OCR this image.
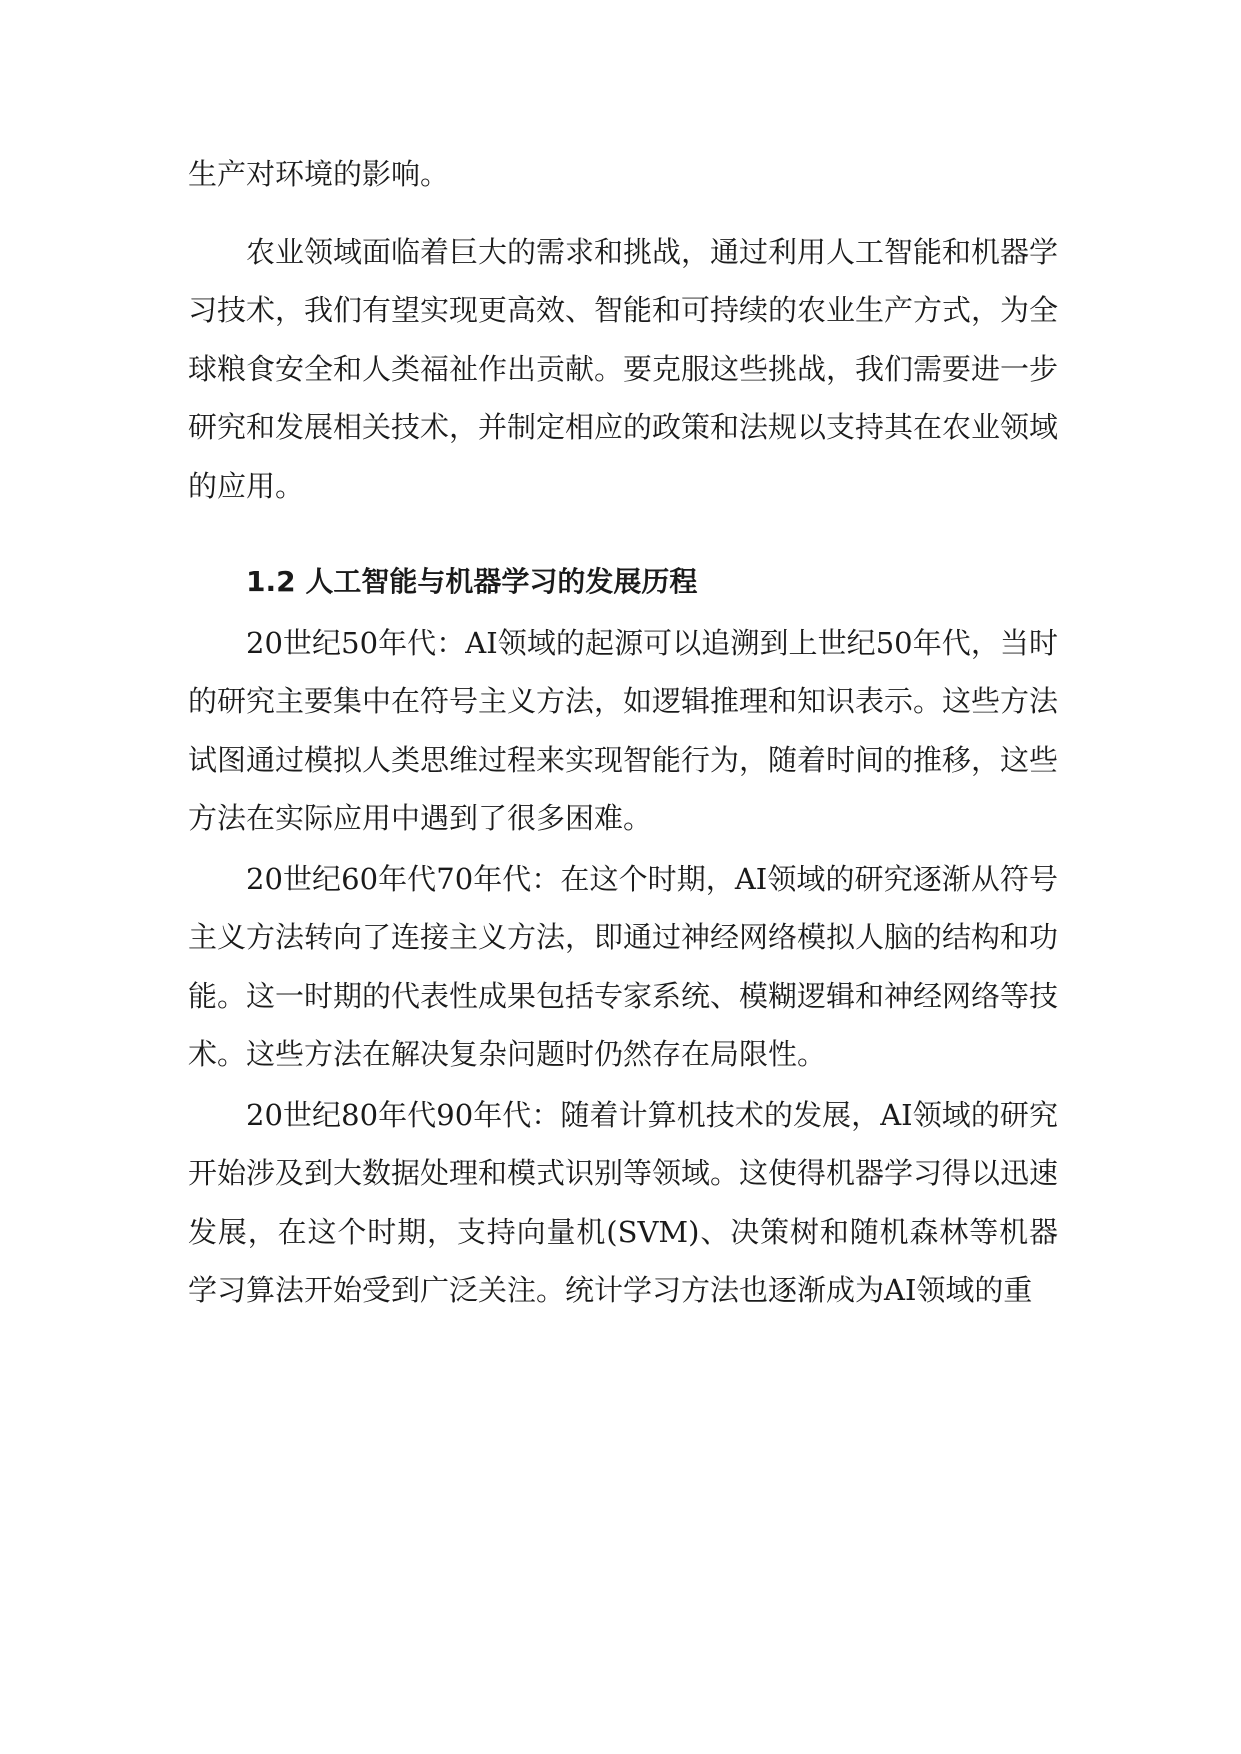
生产对环境的影响。

农业领域面临着巨大的需求和挑战，通过利用人工智能和机器学习技术，我们有望实现更高效、智能和可持续的农业生产方式，为全球粮食安全和人类福祉作出贡献。要克服这些挑战，我们需要进一步研究和发展相关技术，并制定相应的政策和法规以支持其在农业领域的应用。

1.2 人工智能与机器学习的发展历程

20世纪50年代：AI领域的起源可以追溯到上世纪50年代，当时的研究主要集中在符号主义方法，如逻辑推理和知识表示。这些方法试图通过模拟人类思维过程来实现智能行为，随着时间的推移，这些方法在实际应用中遇到了很多困难。

20世纪60年代70年代：在这个时期，AI领域的研究逐渐从符号主义方法转向了连接主义方法，即通过神经网络模拟人脑的结构和功能。这一时期的代表性成果包括专家系统、模糊逻辑和神经网络等技术。这些方法在解决复杂问题时仍然存在局限性。

20世纪80年代90年代：随着计算机技术的发展，AI领域的研究开始涉及到大数据处理和模式识别等领域。这使得机器学习得以迅速发展，在这个时期，支持向量机(SVM)、决策树和随机森林等机器学习算法开始受到广泛关注。统计学习方法也逐渐成为AI领域的重
